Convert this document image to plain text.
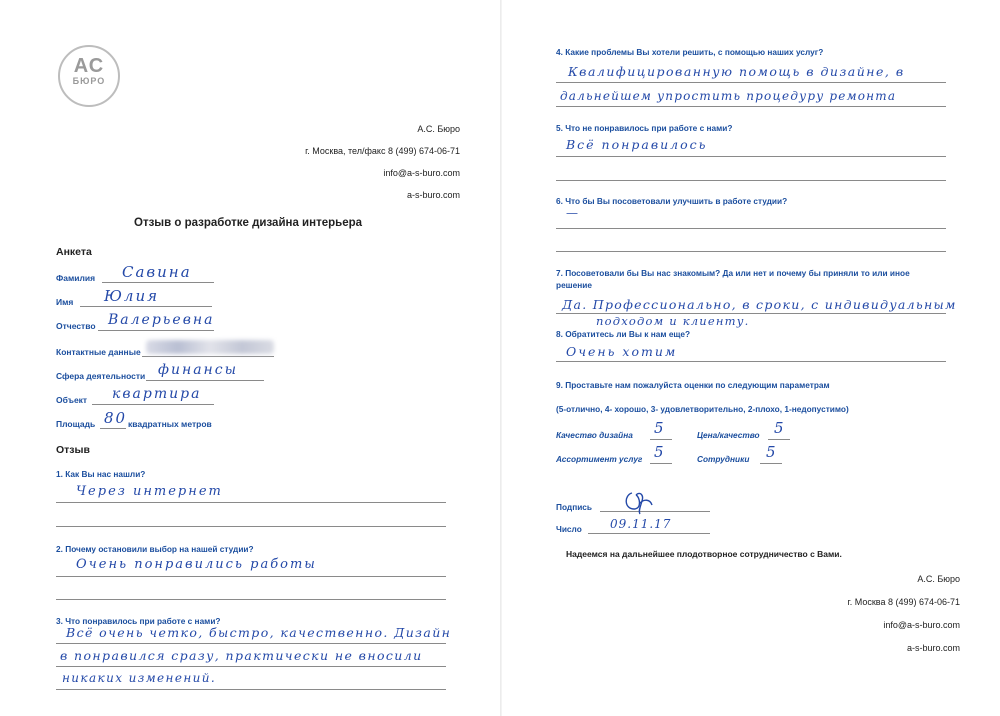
АС
БЮРО
А.С. Бюро
г. Москва, тел/факс 8 (499) 674-06-71
info@a-s-buro.com
a-s-buro.com
Отзыв о разработке дизайна интерьера
Анкета
Фамилия Савина
Имя Юлия
Отчество Валерьевна
Контактные данные
Сфера деятельности финансы
Объект квартира
Площадь 80 квадратных метров
Отзыв
1. Как Вы нас нашли?
Через интернет
2. Почему остановили выбор на нашей студии?
Очень понравились работы
3. Что понравилось при работе с нами?
Всё очень четко, быстро, качественно. Дизайн
в понравился сразу, практически не вносили
никаких изменений.
4. Какие проблемы Вы хотели решить, с помощью наших услуг?
Квалифицированную помощь в дизайне, в
дальнейшем упростить процедуру ремонта
5. Что не понравилось при работе с нами?
Всё понравилось
6. Что бы Вы посоветовали улучшить в работе студии?
—
7. Посоветовали бы Вы нас знакомым? Да или нет и почему бы приняли то или иное
решение
Да. Профессионально, в сроки, с индивидуальным
подходом и клиенту.
8. Обратитесь ли Вы к нам еще?
Очень хотим
9. Проставьте нам пожалуйста оценки по следующим параметрам
(5-отлично, 4- хорошо, 3- удовлетворительно, 2-плохо, 1-недопустимо)
Качество дизайна 5	Цена/качество 5
Ассортимент услуг 5	Сотрудники 5
Подпись
Число 09.11.17
Надеемся на дальнейшее плодотворное сотрудничество с Вами.
А.С. Бюро
г. Москва 8 (499) 674-06-71
info@a-s-buro.com
a-s-buro.com
